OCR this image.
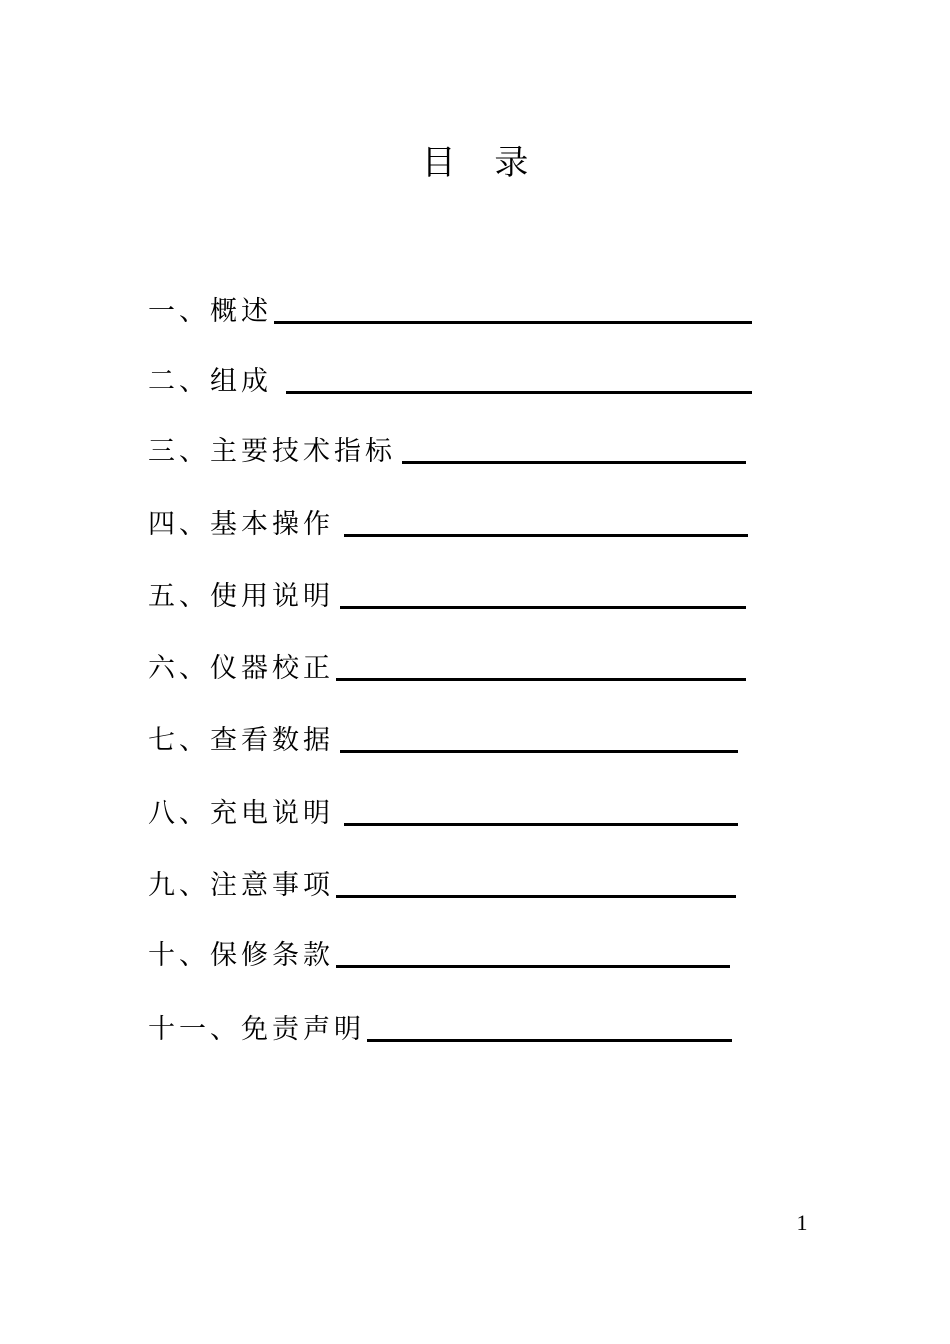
目 录
一、概述
二、组成
三、主要技术指标
四、基本操作
五、使用说明
六、仪器校正
七、查看数据
八、充电说明
九、注意事项
十、保修条款
十一、免责声明
1
